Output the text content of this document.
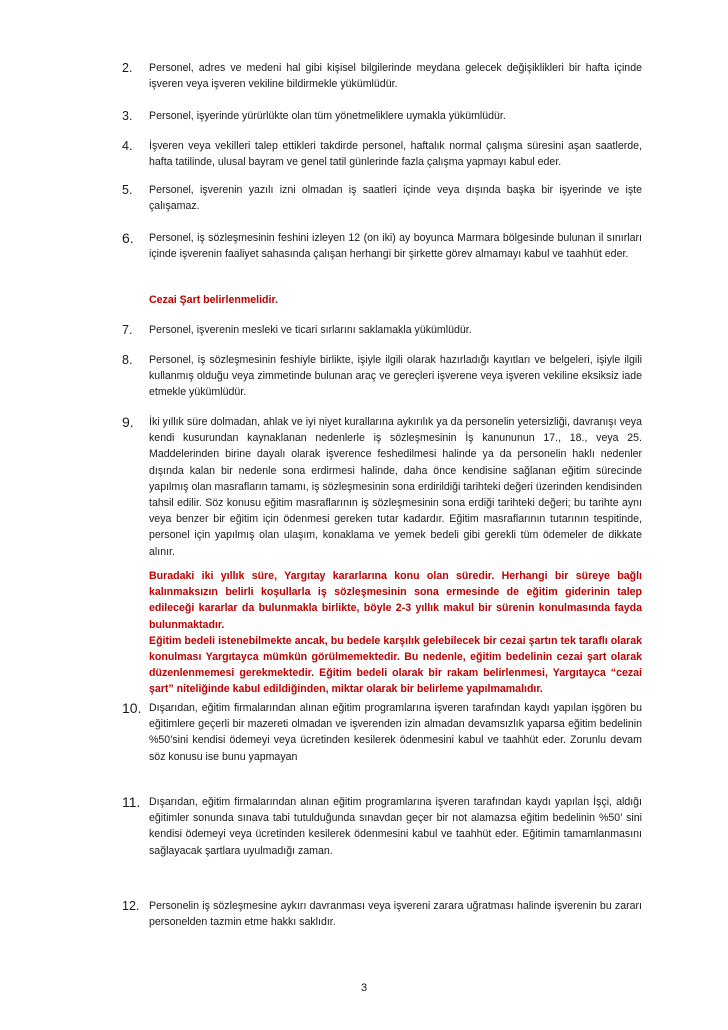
2. Personel, adres ve medeni hal gibi kişisel bilgilerinde meydana gelecek değişiklikleri bir hafta içinde işveren veya işveren vekiline bildirmekle yükümlüdür.
3. Personel, işyerinde yürürlükte olan tüm yönetmeliklere uymakla yükümlüdür.
4. İşveren veya vekilleri talep ettikleri takdirde personel, haftalık normal çalışma süresini aşan saatlerde, hafta tatilinde, ulusal bayram ve genel tatil günlerinde fazla çalışma yapmayı kabul eder.
5. Personel, işverenin yazılı izni olmadan iş saatleri içinde veya dışında başka bir işyerinde ve işte çalışamaz.
6. Personel, iş sözleşmesinin feshini izleyen 12 (on iki) ay boyunca Marmara bölgesinde bulunan il sınırları içinde işverenin faaliyet sahasında çalışan herhangi bir şirkette görev almamayı kabul ve taahhüt eder.
Cezai Şart belirlenmelidir.
7. Personel, işverenin mesleki ve ticari sırlarını saklamakla yükümlüdür.
8. Personel, iş sözleşmesinin feshiyle birlikte, işiyle ilgili olarak hazırladığı kayıtları ve belgeleri, işiyle ilgili kullanmış olduğu veya zimmetinde bulunan araç ve gereçleri işverene veya işveren vekiline eksiksiz iade etmekle yükümlüdür.
9. İki yıllık süre dolmadan, ahlak ve iyi niyet kurallarına aykırılık ya da personelin yetersizliği, davranışı veya kendi kusurundan kaynaklanan nedenlerle iş sözleşmesinin İş kanununun 17., 18., veya 25. Maddelerinden birine dayalı olarak işverence feshedilmesi halinde ya da personelin haklı nedenler dışında kalan bir nedenle sona erdirmesi halinde, daha önce kendisine sağlanan eğitim sürecinde yapılmış olan masrafların tamamı, iş sözleşmesinin sona erdirildiği tarihteki değeri üzerinden kendisinden tahsil edilir. Söz konusu eğitim masraflarının iş sözleşmesinin sona erdiği tarihteki değeri; bu tarihte aynı veya benzer bir eğitim için ödenmesi gereken tutar kadardır. Eğitim masraflarının tutarının tespitinde, personel için yapılmış olan ulaşım, konaklama ve yemek bedeli gibi gerekli tüm ödemeler de dikkate alınır.

Buradaki iki yıllık süre, Yargıtay kararlarına konu olan süredir. Herhangi bir süreye bağlı kalınmaksızın belirli koşullarla iş sözleşmesinin sona ermesinde de eğitim giderinin talep edileceği kararlar da bulunmakla birlikte, böyle 2-3 yıllık makul bir sürenin konulmasında fayda bulunmaktadır.

Eğitim bedeli istenebilmekte ancak, bu bedele karşılık gelebilecek bir cezai şartın tek taraflı olarak konulması Yargıtayca mümkün görülmemektedir. Bu nedenle, eğitim bedelinin cezai şart olarak düzenlenmemesi gerekmektedir. Eğitim bedeli olarak bir rakam belirlenmesi, Yargıtayca “cezai şart” niteliğinde kabul edildiğinden, miktar olarak bir belirleme yapılmamalıdır.

10. Dışarıdan, eğitim firmalarından alınan eğitim programlarına işveren tarafından kaydı yapılan işgören bu eğitimlere geçerli bir mazereti olmadan ve işverenden izin almadan devamsızlık yaparsa eğitim bedelinin %50’sini kendisi ödemeyi veya ücretinden kesilerek ödenmesini kabul ve taahhüt eder. Zorunlu devam söz konusu ise bunu yapmayan
11. Dışarıdan, eğitim firmalarından alınan eğitim programlarına işveren tarafından kaydı yapılan İşçi, aldığı eğitimler sonunda sınava tabi tutulduğunda sınavdan geçer bir not alamazsa eğitim bedelinin %50’ sini kendisi ödemeyi veya ücretinden kesilerek ödenmesini kabul ve taahhüt eder. Eğitimin tamamlanmasını sağlayacak şartlara uyulmadığı zaman.
12. Personelin iş sözleşmesine aykırı davranması veya işvereni zarara uğratması halinde işverenin bu zararı personelden tazmin etme hakkı saklıdır.
3
